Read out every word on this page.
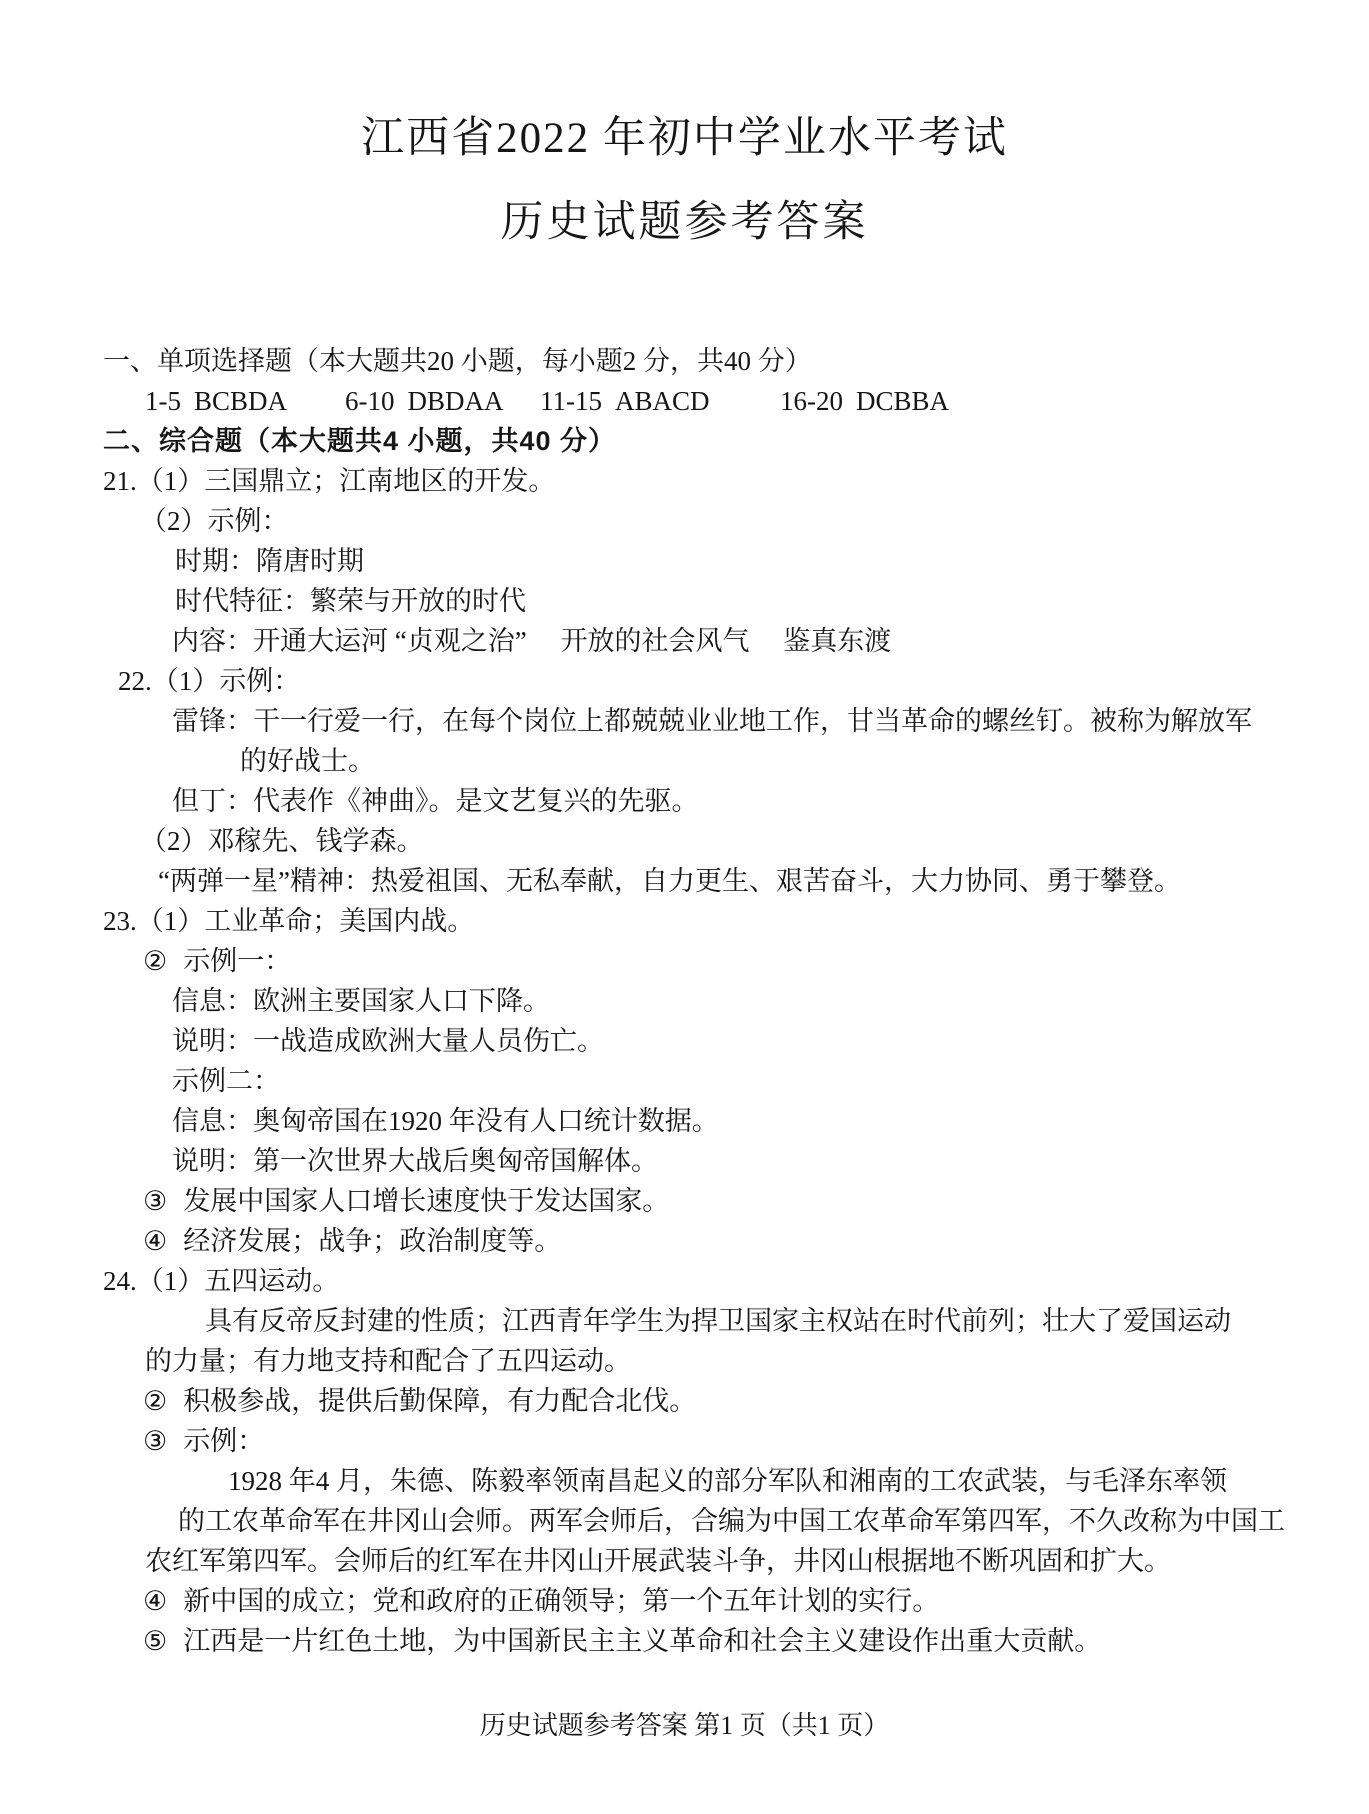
江西省2022 年初中学业水平考试
历史试题参考答案
一、单项选择题（本大题共20 小题，每小题2 分，共40 分）
1-5 BCBDA 6-10 DBDAA 11-15 ABACD	16-20 DCBBA
二、综合题（本大题共4 小题，共40 分）
21.（1）三国鼎立；江南地区的开发。
（2）示例：
时期：隋唐时期
时代特征：繁荣与开放的时代
内容：开通大运河 “贞观之治”　 开放的社会风气　 鉴真东渡
22.（1）示例：
雷锋：干一行爱一行，在每个岗位上都兢兢业业地工作，甘当革命的螺丝钉。被称为解放军
的好战士。
但丁：代表作《神曲》。是文艺复兴的先驱。
（2）邓稼先、钱学森。
“两弹一星”精神：热爱祖国、无私奉献，自力更生、艰苦奋斗，大力协同、勇于攀登。
23.（1）工业革命；美国内战。
② 示例一：
信息：欧洲主要国家人口下降。
说明：一战造成欧洲大量人员伤亡。
示例二：
信息：奥匈帝国在1920 年没有人口统计数据。
说明：第一次世界大战后奥匈帝国解体。
③ 发展中国家人口增长速度快于发达国家。
④ 经济发展；战争；政治制度等。
24.（1）五四运动。
具有反帝反封建的性质；江西青年学生为捍卫国家主权站在时代前列；壮大了爱国运动
的力量；有力地支持和配合了五四运动。
② 积极参战，提供后勤保障，有力配合北伐。
③ 示例：
1928 年4 月，朱德、陈毅率领南昌起义的部分军队和湘南的工农武装，与毛泽东率领
的工农革命军在井冈山会师。两军会师后，合编为中国工农革命军第四军，不久改称为中国工
农红军第四军。会师后的红军在井冈山开展武装斗争，井冈山根据地不断巩固和扩大。
④ 新中国的成立；党和政府的正确领导；第一个五年计划的实行。
⑤ 江西是一片红色土地，为中国新民主主义革命和社会主义建设作出重大贡献。
历史试题参考答案 第1 页（共1 页）
